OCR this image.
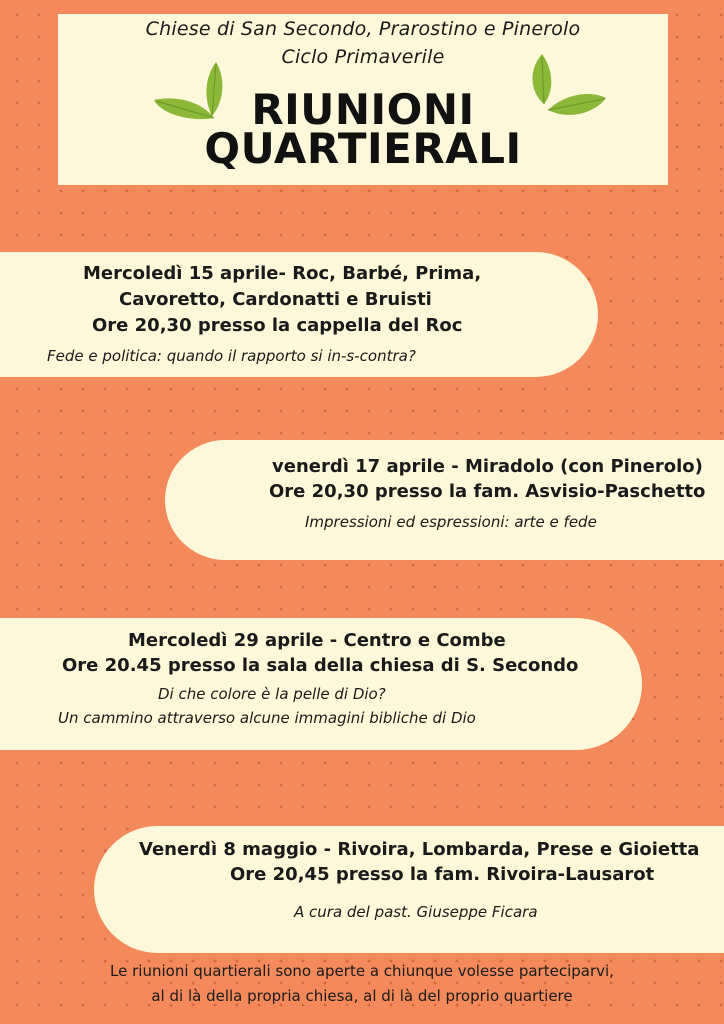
Chiese di San Secondo, Prarostino e Pinerolo
Ciclo Primaverile
RIUNIONI
QUARTIERALI
Mercoledì 15 aprile- Roc, Barbé, Prima,
Cavoretto, Cardonatti e Bruisti
Ore 20,30 presso la cappella del Roc
Fede e politica: quando il rapporto si in-s-contra?
venerdì 17 aprile - Miradolo (con Pinerolo)
Ore 20,30 presso la fam. Asvisio-Paschetto
Impressioni ed espressioni: arte e fede
Mercoledì 29 aprile - Centro e Combe
Ore 20.45 presso la sala della chiesa di S. Secondo
Di che colore è la pelle di Dio?
Un cammino attraverso alcune immagini bibliche di Dio
Venerdì 8 maggio - Rivoira, Lombarda, Prese e Gioietta
Ore 20,45 presso la fam. Rivoira-Lausarot
A cura del past. Giuseppe Ficara
Le riunioni quartierali sono aperte a chiunque volesse parteciparvi,
al di là della propria chiesa, al di là del proprio quartiere
